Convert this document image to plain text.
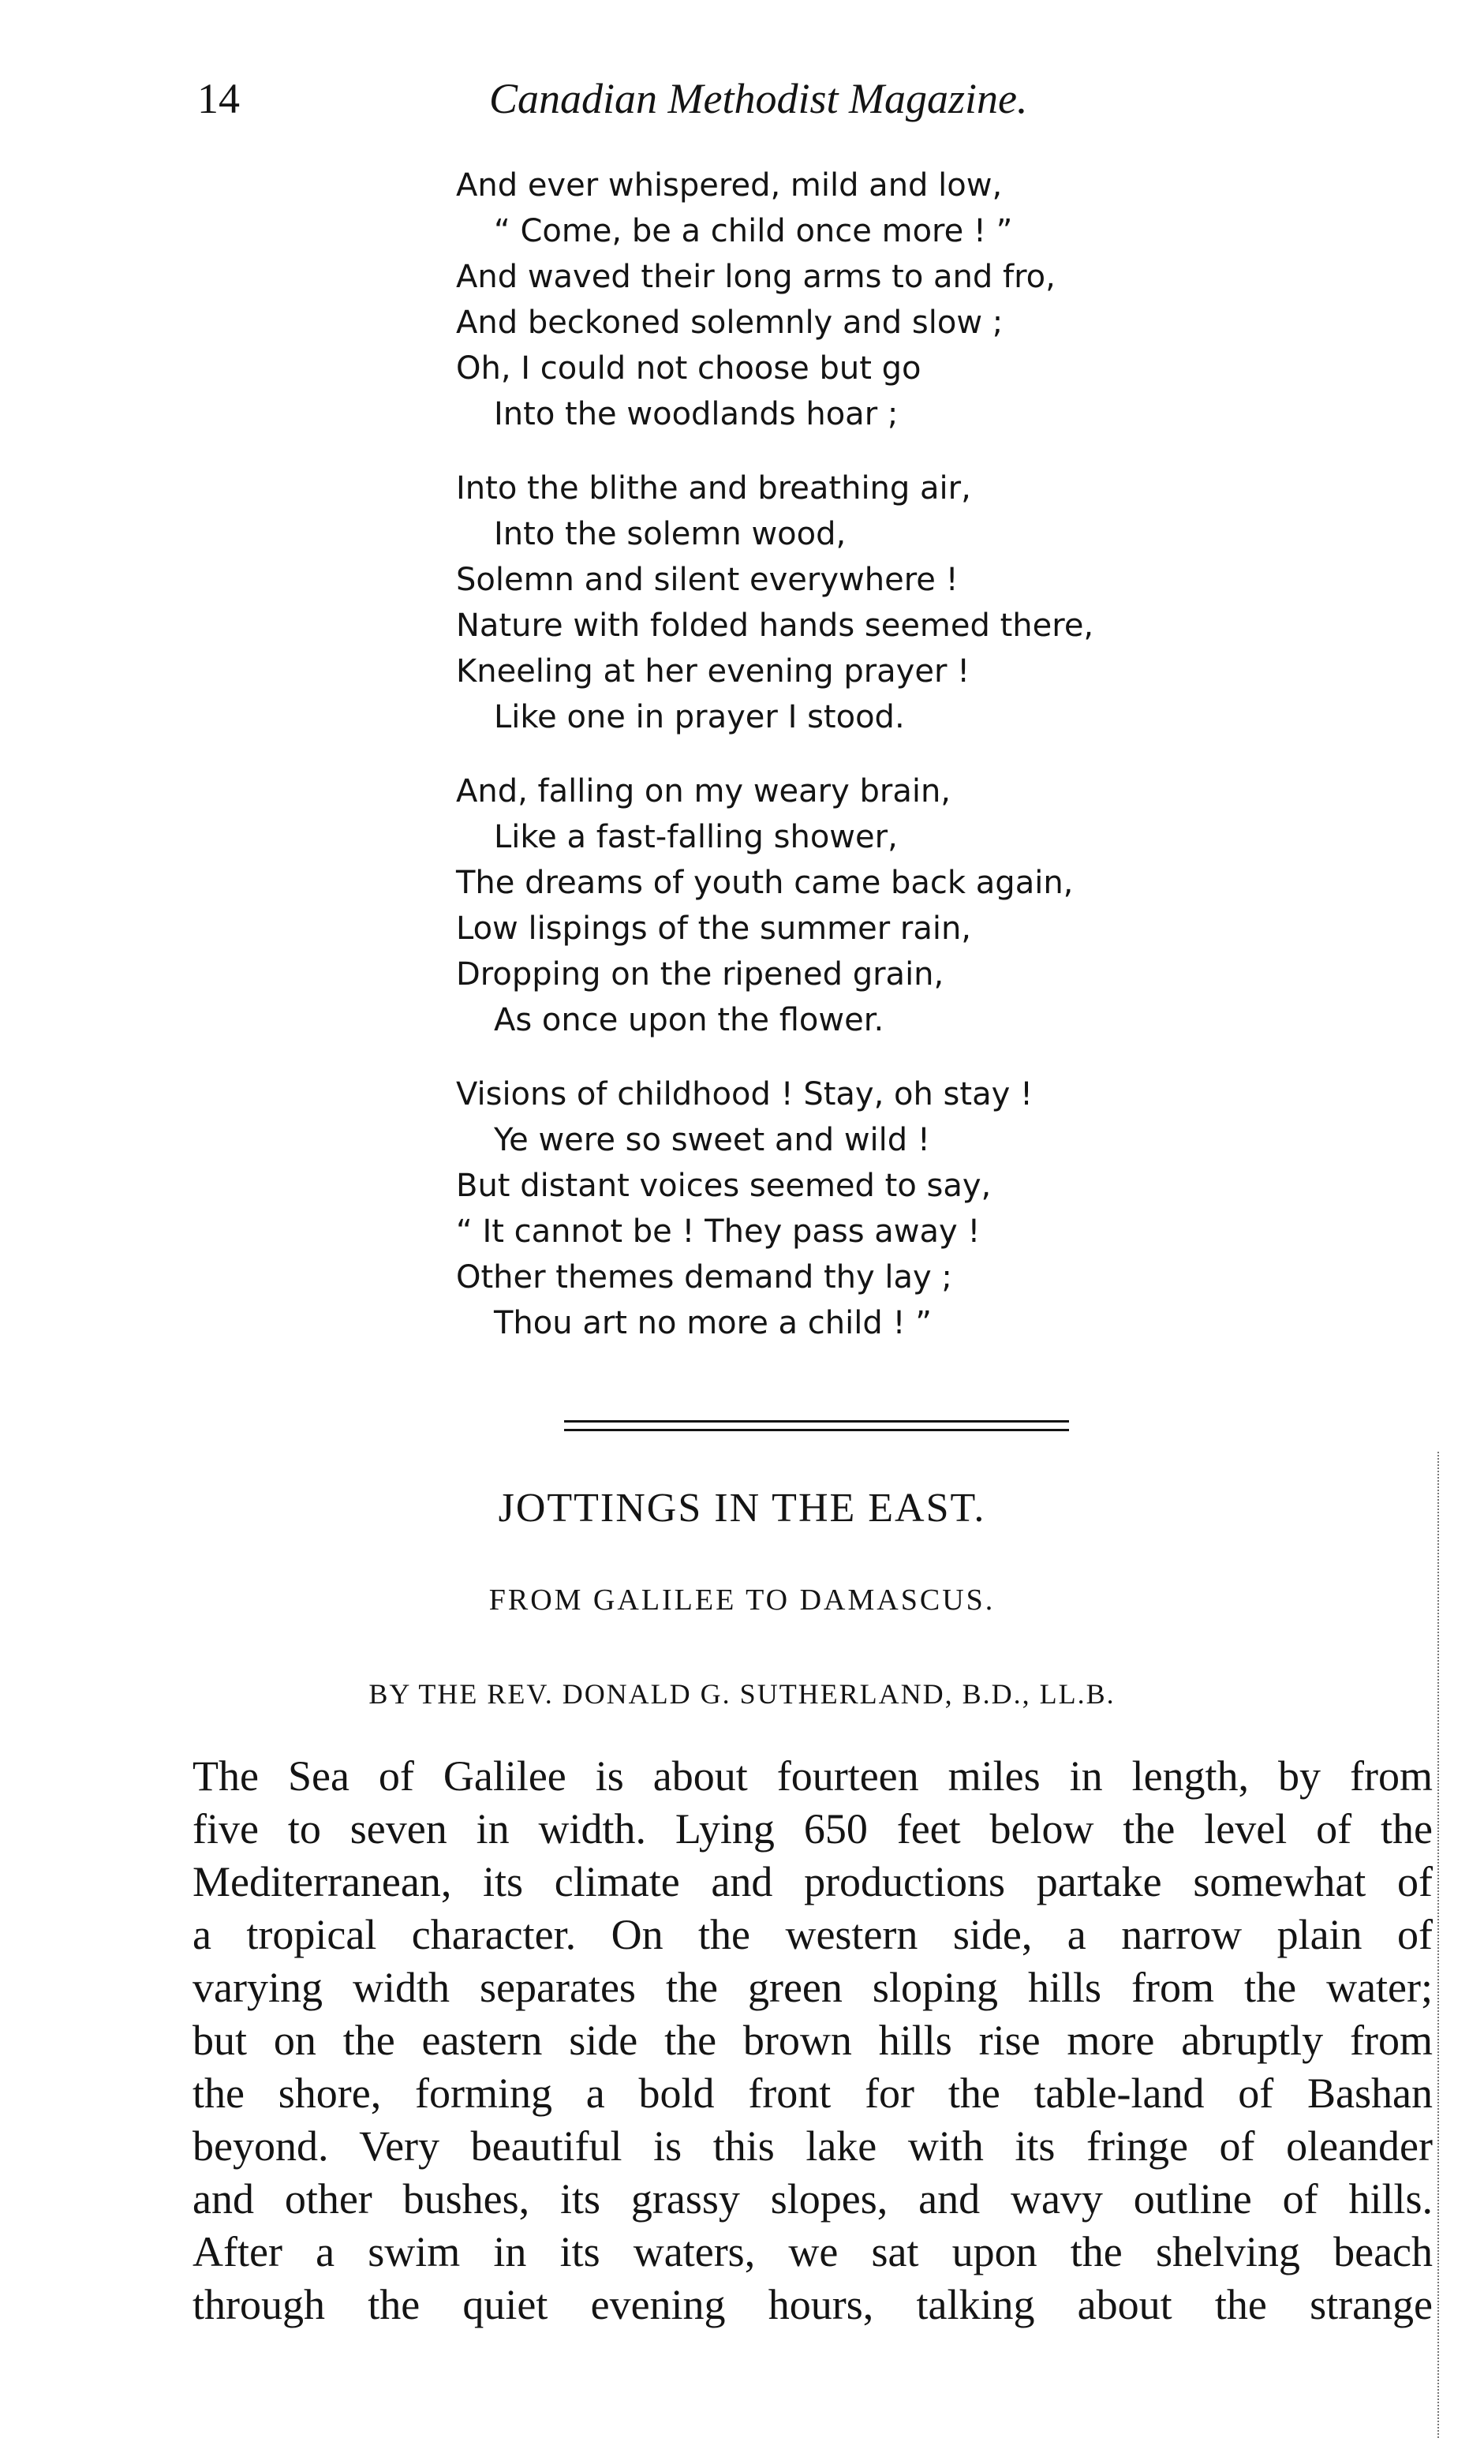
14	Canadian Methodist Magazine.
And ever whispered, mild and low,
“ Come, be a child once more ! ”
And waved their long arms to and fro,
And beckoned solemnly and slow ;
Oh, I could not choose but go
Into the woodlands hoar ;
Into the blithe and breathing air,
Into the solemn wood,
Solemn and silent everywhere !
Nature with folded hands seemed there,
Kneeling at her evening prayer !
Like one in prayer I stood.
And, falling on my weary brain,
Like a fast-falling shower,
The dreams of youth came back again,
Low lispings of the summer rain,
Dropping on the ripened grain,
As once upon the flower.
Visions of childhood ! Stay, oh stay !
Ye were so sweet and wild !
But distant voices seemed to say,
“ It cannot be ! They pass away !
Other themes demand thy lay ;
Thou art no more a child ! ”
JOTTINGS IN THE EAST.
FROM GALILEE TO DAMASCUS.
BY THE REV. DONALD G. SUTHERLAND, B.D., LL.B.
The Sea of Galilee is about fourteen miles in length, by from
five to seven in width. Lying 650 feet below the level of the
Mediterranean, its climate and productions partake somewhat of
a tropical character. On the western side, a narrow plain of
varying width separates the green sloping hills from the water;
but on the eastern side the brown hills rise more abruptly from
the shore, forming a bold front for the table-land of Bashan
beyond. Very beautiful is this lake with its fringe of oleander
and other bushes, its grassy slopes, and wavy outline of hills.
After a swim in its waters, we sat upon the shelving beach
through the quiet evening hours, talking about the strange
